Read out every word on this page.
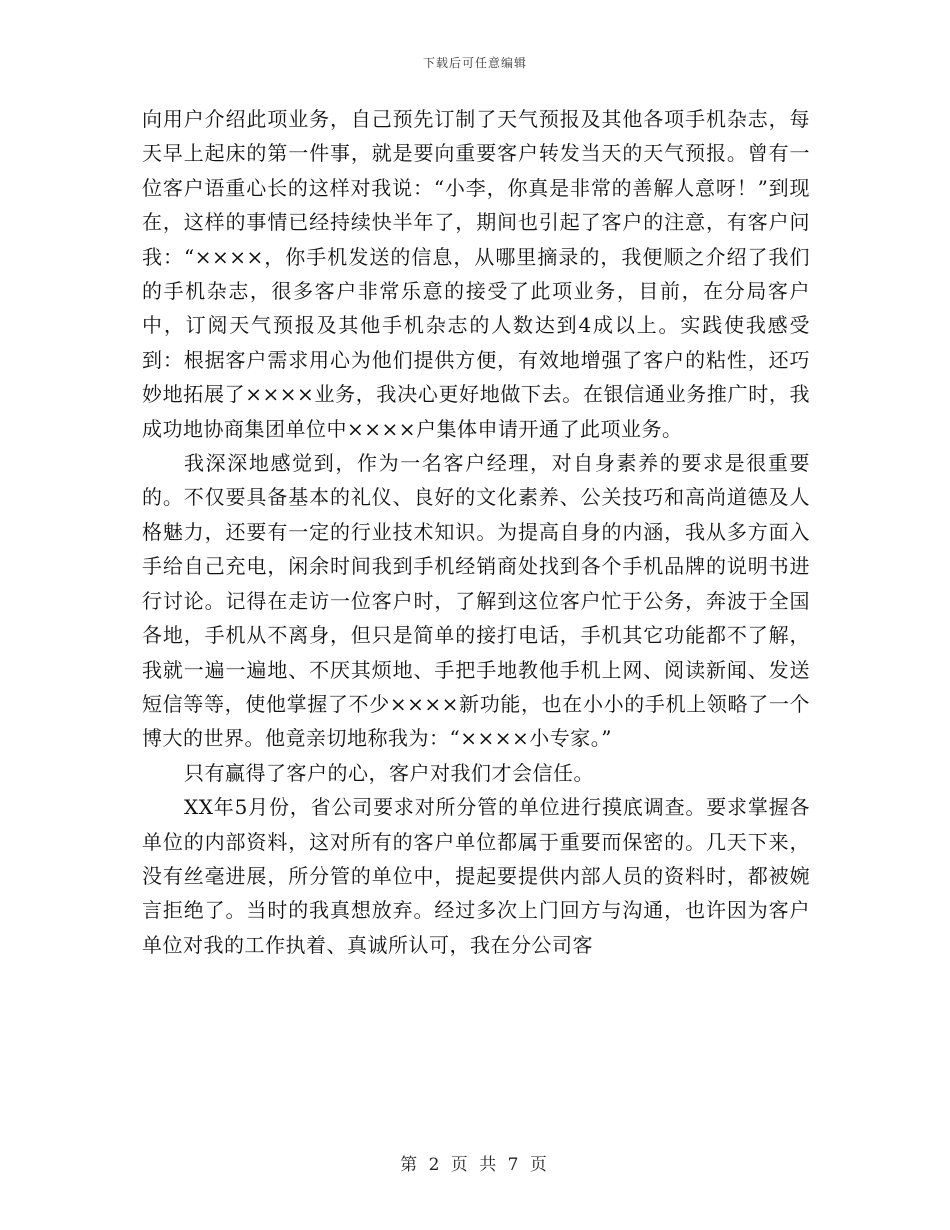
下载后可任意编辑

向用户介绍此项业务，自己预先订制了天气预报及其他各项手机杂志，每天早上起床的第一件事，就是要向重要客户转发当天的天气预报。曾有一位客户语重心长的这样对我说：“小李，你真是非常的善解人意呀！”到现在，这样的事情已经持续快半年了，期间也引起了客户的注意，有客户问我：“××××，你手机发送的信息，从哪里摘录的，我便顺之介绍了我们的手机杂志，很多客户非常乐意的接受了此项业务，目前，在分局客户中，订阅天气预报及其他手机杂志的人数达到4成以上。实践使我感受到：根据客户需求用心为他们提供方便，有效地增强了客户的粘性，还巧妙地拓展了××××业务，我决心更好地做下去。在银信通业务推广时，我成功地协商集团单位中××××户集体申请开通了此项业务。

我深深地感觉到，作为一名客户经理，对自身素养的要求是很重要的。不仅要具备基本的礼仪、良好的文化素养、公关技巧和高尚道德及人格魅力，还要有一定的行业技术知识。为提高自身的内涵，我从多方面入手给自己充电，闲余时间我到手机经销商处找到各个手机品牌的说明书进行讨论。记得在走访一位客户时，了解到这位客户忙于公务，奔波于全国各地，手机从不离身，但只是简单的接打电话，手机其它功能都不了解，我就一遍一遍地、不厌其烦地、手把手地教他手机上网、阅读新闻、发送短信等等，使他掌握了不少××××新功能，也在小小的手机上领略了一个博大的世界。他竟亲切地称我为：“××××小专家。”

只有赢得了客户的心，客户对我们才会信任。

XX年5月份，省公司要求对所分管的单位进行摸底调查。要求掌握各单位的内部资料，这对所有的客户单位都属于重要而保密的。几天下来，没有丝毫进展，所分管的单位中，提起要提供内部人员的资料时，都被婉言拒绝了。当时的我真想放弃。经过多次上门回方与沟通，也许因为客户单位对我的工作执着、真诚所认可，我在分公司客

第 2 页 共 7 页
